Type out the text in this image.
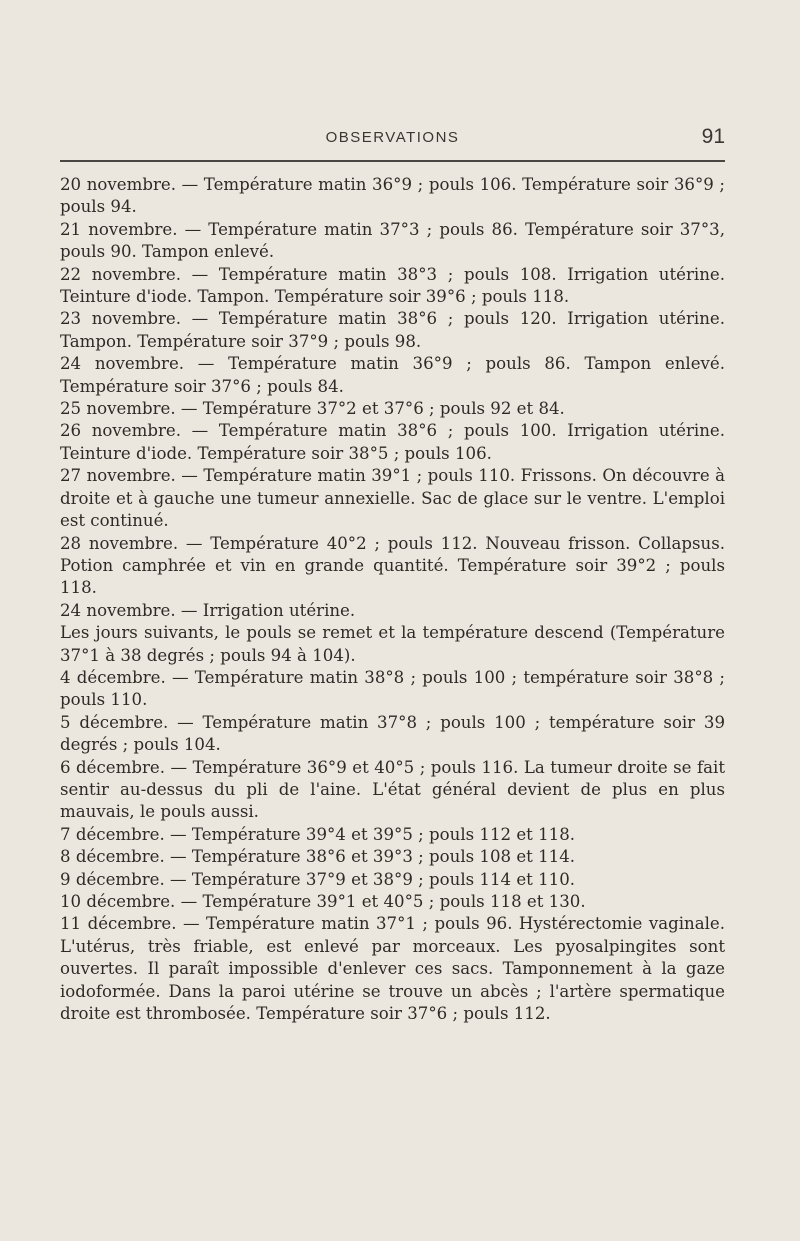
OBSERVATIONS	91

20 novembre. — Température matin 36°9 ; pouls 106. Température soir 36°9 ; pouls 94.

21 novembre. — Température matin 37°3 ; pouls 86. Température soir 37°3, pouls 90. Tampon enlevé.

22 novembre. — Température matin 38°3 ; pouls 108. Irrigation utérine. Teinture d'iode. Tampon. Température soir 39°6 ; pouls 118.

23 novembre. — Température matin 38°6 ; pouls 120. Irrigation utérine. Tampon. Température soir 37°9 ; pouls 98.

24 novembre. — Température matin 36°9 ; pouls 86. Tampon enlevé. Température soir 37°6 ; pouls 84.

25 novembre. — Température 37°2 et 37°6 ; pouls 92 et 84.

26 novembre. — Température matin 38°6 ; pouls 100. Irrigation utérine. Teinture d'iode. Température soir 38°5 ; pouls 106.

27 novembre. — Température matin 39°1 ; pouls 110. Frissons. On découvre à droite et à gauche une tumeur annexielle. Sac de glace sur le ventre. L'emploi est continué.

28 novembre. — Température 40°2 ; pouls 112. Nouveau frisson. Collapsus. Potion camphrée et vin en grande quantité. Température soir 39°2 ; pouls 118.

24 novembre. — Irrigation utérine.

Les jours suivants, le pouls se remet et la température descend (Température 37°1 à 38 degrés ; pouls 94 à 104).

4 décembre. — Température matin 38°8 ; pouls 100 ; température soir 38°8 ; pouls 110.

5 décembre. — Température matin 37°8 ; pouls 100 ; température soir 39 degrés ; pouls 104.

6 décembre. — Température 36°9 et 40°5 ; pouls 116. La tumeur droite se fait sentir au-dessus du pli de l'aine. L'état général devient de plus en plus mauvais, le pouls aussi.

7 décembre. — Température 39°4 et 39°5 ; pouls 112 et 118.

8 décembre. — Température 38°6 et 39°3 ; pouls 108 et 114.

9 décembre. — Température 37°9 et 38°9 ; pouls 114 et 110.

10 décembre. — Température 39°1 et 40°5 ; pouls 118 et 130.

11 décembre. — Température matin 37°1 ; pouls 96. Hystérectomie vaginale. L'utérus, très friable, est enlevé par morceaux. Les pyosalpingites sont ouvertes. Il paraît impossible d'enlever ces sacs. Tamponnement à la gaze iodoformée. Dans la paroi utérine se trouve un abcès ; l'artère spermatique droite est thrombosée. Température soir 37°6 ; pouls 112.
